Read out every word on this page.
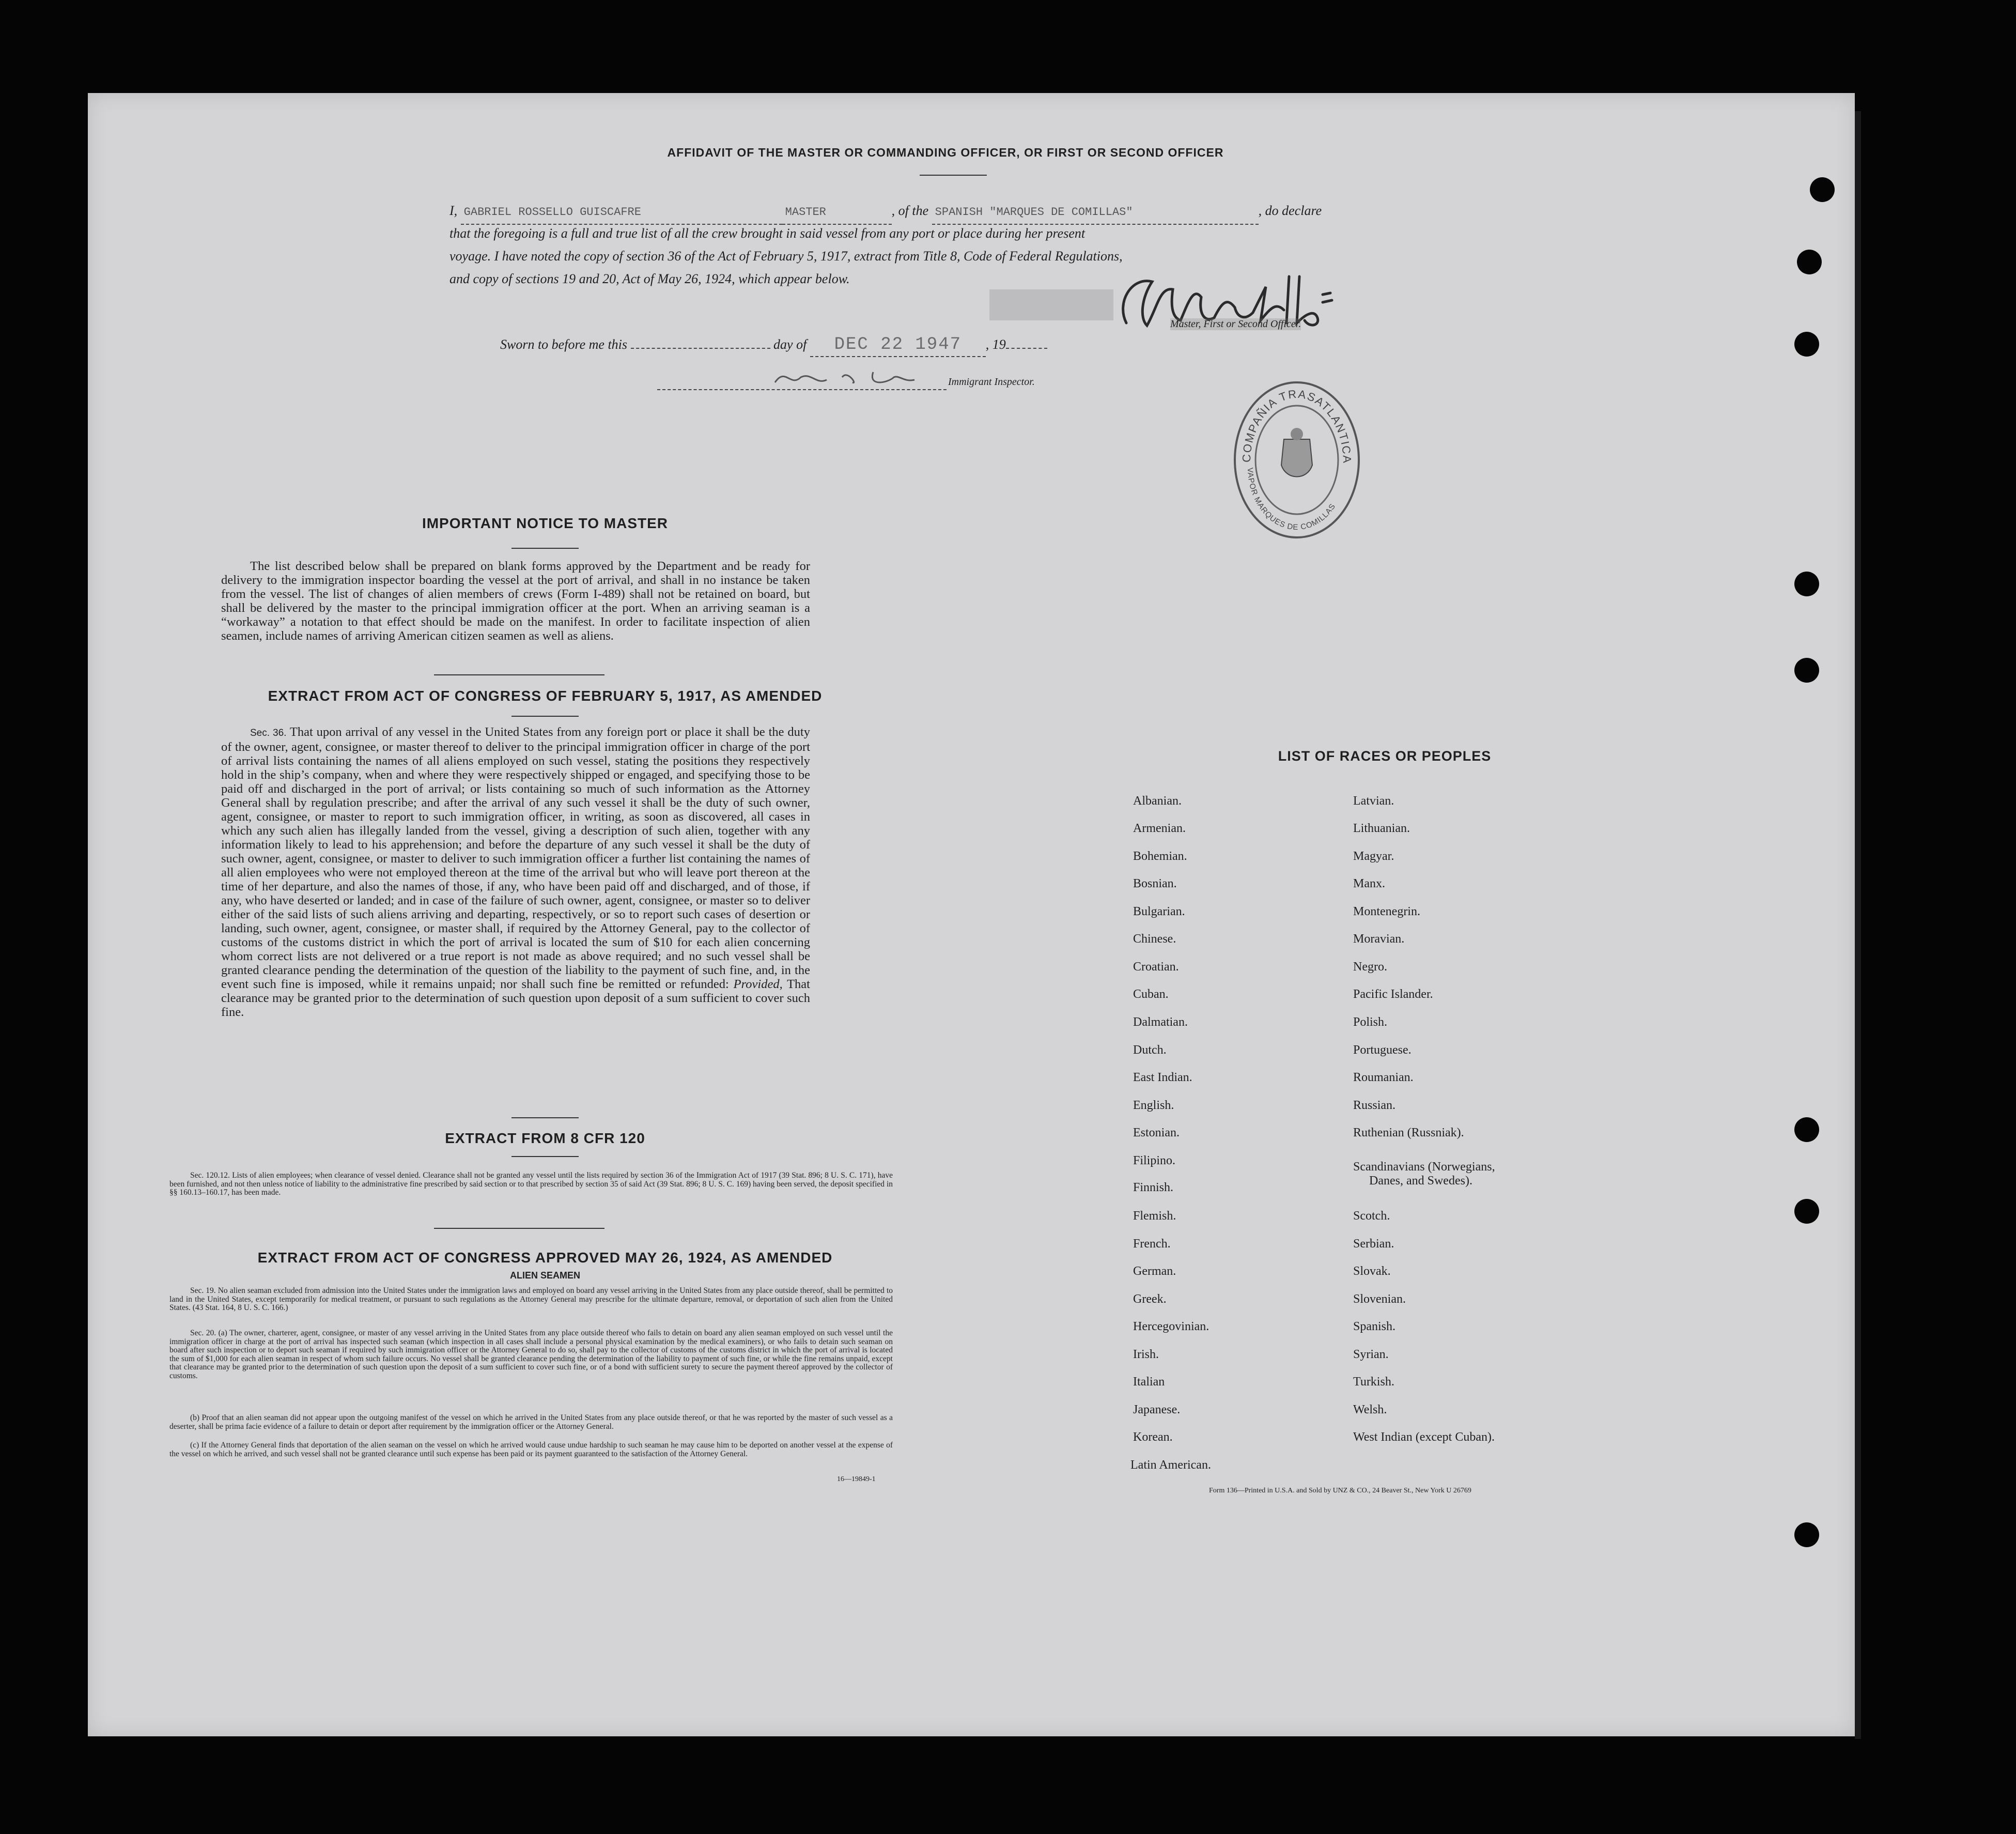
AFFIDAVIT OF THE MASTER OR COMMANDING OFFICER, OR FIRST OR SECOND OFFICER
I, GABRIEL ROSSELLO GUISCAFRE	MASTER	, of the SPANISH "MARQUES DE COMILLAS"	, do declare
that the foregoing is a full and true list of all the crew brought in said vessel from any port or place during her present
voyage. I have noted the copy of section 36 of the Act of February 5, 1917, extract from Title 8, Code of Federal Regulations,
and copy of sections 19 and 20, Act of May 26, 1924, which appear below.
Master, First or Second Officer.
Sworn to before me this	day of DEC 22 1947 , 19
Immigrant Inspector.
COMPAÑIA TRASATLANTICA
VAPOR MARQUES DE COMILLAS
IMPORTANT NOTICE TO MASTER
The list described below shall be prepared on blank forms approved by the Department and be ready for delivery to the immigration inspector boarding the vessel at the port of arrival, and shall in no instance be taken from the vessel. The list of changes of alien members of crews (Form I-489) shall not be retained on board, but shall be delivered by the master to the principal immigration officer at the port. When an arriving seaman is a “workaway” a notation to that effect should be made on the manifest. In order to facilitate inspection of alien seamen, include names of arriving American citizen seamen as well as aliens.
EXTRACT FROM ACT OF CONGRESS OF FEBRUARY 5, 1917, AS AMENDED
Sec. 36. That upon arrival of any vessel in the United States from any foreign port or place it shall be the duty of the owner, agent, consignee, or master thereof to deliver to the principal immigration officer in charge of the port of arrival lists containing the names of all aliens employed on such vessel, stating the positions they respectively hold in the ship’s company, when and where they were respectively shipped or engaged, and specifying those to be paid off and discharged in the port of arrival; or lists containing so much of such information as the Attorney General shall by regulation prescribe; and after the arrival of any such vessel it shall be the duty of such owner, agent, consignee, or master to report to such immigration officer, in writing, as soon as discovered, all cases in which any such alien has illegally landed from the vessel, giving a description of such alien, together with any information likely to lead to his apprehension; and before the departure of any such vessel it shall be the duty of such owner, agent, consignee, or master to deliver to such immigration officer a further list containing the names of all alien employees who were not employed thereon at the time of the arrival but who will leave port thereon at the time of her departure, and also the names of those, if any, who have been paid off and discharged, and of those, if any, who have deserted or landed; and in case of the failure of such owner, agent, consignee, or master so to deliver either of the said lists of such aliens arriving and departing, respectively, or so to report such cases of desertion or landing, such owner, agent, consignee, or master shall, if required by the Attorney General, pay to the collector of customs of the customs district in which the port of arrival is located the sum of $10 for each alien concerning whom correct lists are not delivered or a true report is not made as above required; and no such vessel shall be granted clearance pending the determination of the question of the liability to the payment of such fine, and, in the event such fine is imposed, while it remains unpaid; nor shall such fine be remitted or refunded: Provided, That clearance may be granted prior to the determination of such question upon deposit of a sum sufficient to cover such fine.
EXTRACT FROM 8 CFR 120
Sec. 120.12. Lists of alien employees; when clearance of vessel denied. Clearance shall not be granted any vessel until the lists required by section 36 of the Immigration Act of 1917 (39 Stat. 896; 8 U. S. C. 171), have been furnished, and not then unless notice of liability to the administrative fine prescribed by said section or to that prescribed by section 35 of said Act (39 Stat. 896; 8 U. S. C. 169) having been served, the deposit specified in §§ 160.13–160.17, has been made.
EXTRACT FROM ACT OF CONGRESS APPROVED MAY 26, 1924, AS AMENDED
ALIEN SEAMEN
Sec. 19. No alien seaman excluded from admission into the United States under the immigration laws and employed on board any vessel arriving in the United States from any place outside thereof, shall be permitted to land in the United States, except temporarily for medical treatment, or pursuant to such regulations as the Attorney General may prescribe for the ultimate departure, removal, or deportation of such alien from the United States. (43 Stat. 164, 8 U. S. C. 166.)
Sec. 20. (a) The owner, charterer, agent, consignee, or master of any vessel arriving in the United States from any place outside thereof who fails to detain on board any alien seaman employed on such vessel until the immigration officer in charge at the port of arrival has inspected such seaman (which inspection in all cases shall include a personal physical examination by the medical examiners), or who fails to detain such seaman on board after such inspection or to deport such seaman if required by such immigration officer or the Attorney General to do so, shall pay to the collector of customs of the customs district in which the port of arrival is located the sum of $1,000 for each alien seaman in respect of whom such failure occurs. No vessel shall be granted clearance pending the determination of the liability to payment of such fine, or while the fine remains unpaid, except that clearance may be granted prior to the determination of such question upon the deposit of a sum sufficient to cover such fine, or of a bond with sufficient surety to secure the payment thereof approved by the collector of customs.
(b) Proof that an alien seaman did not appear upon the outgoing manifest of the vessel on which he arrived in the United States from any place outside thereof, or that he was reported by the master of such vessel as a deserter, shall be prima facie evidence of a failure to detain or deport after requirement by the immigration officer or the Attorney General.
(c) If the Attorney General finds that deportation of the alien seaman on the vessel on which he arrived would cause undue hardship to such seaman he may cause him to be deported on another vessel at the expense of the vessel on which he arrived, and such vessel shall not be granted clearance until such expense has been paid or its payment guaranteed to the satisfaction of the Attorney General.
16—19849-1
LIST OF RACES OR PEOPLES
Albanian.
Armenian.
Bohemian.
Bosnian.
Bulgarian.
Chinese.
Croatian.
Cuban.
Dalmatian.
Dutch.
East Indian.
English.
Estonian.
Filipino.
Finnish.
Flemish.
French.
German.
Greek.
Hercegovinian.
Irish.
Italian
Japanese.
Korean.
Latin American.
Latvian.
Lithuanian.
Magyar.
Manx.
Montenegrin.
Moravian.
Negro.
Pacific Islander.
Polish.
Portuguese.
Roumanian.
Russian.
Ruthenian (Russniak).
Scandinavians (Norwegians,
Danes, and Swedes).
Scotch.
Serbian.
Slovak.
Slovenian.
Spanish.
Syrian.
Turkish.
Welsh.
West Indian (except Cuban).
Form 136—Printed in U.S.A. and Sold by UNZ & CO., 24 Beaver St., New York U 26769
